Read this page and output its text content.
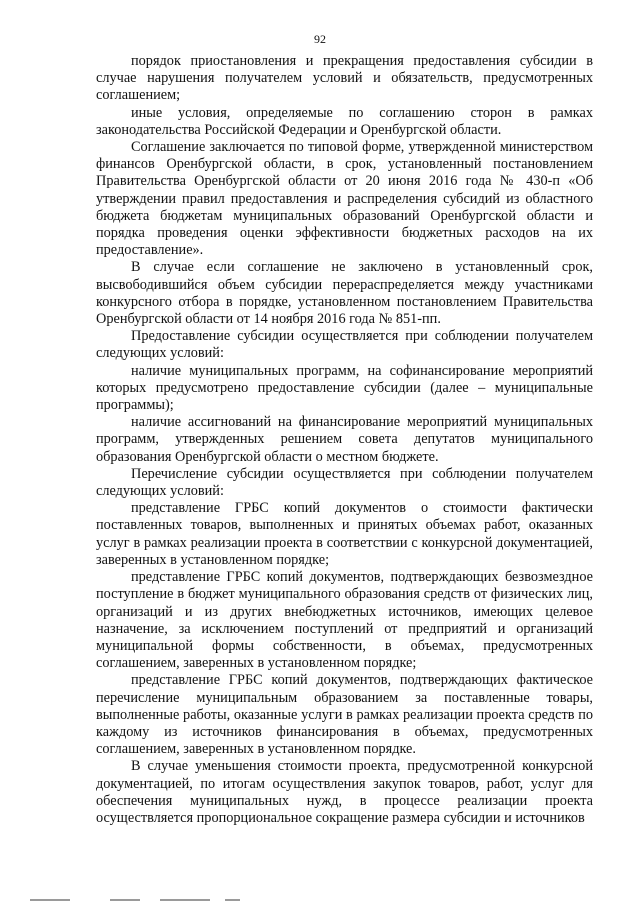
92

порядок приостановления и прекращения предоставления субсидии в случае нарушения получателем условий и обязательств, предусмотренных соглашением;

иные условия, определяемые по соглашению сторон в рамках законодательства Российской Федерации и Оренбургской области.

Соглашение заключается по типовой форме, утвержденной министерством финансов Оренбургской области, в срок, установленный постановлением Правительства Оренбургской области от 20 июня 2016 года № 430-п «Об утверждении правил предоставления и распределения субсидий из областного бюджета бюджетам муниципальных образований Оренбургской области и порядка проведения оценки эффективности бюджетных расходов на их предоставление».

В случае если соглашение не заключено в установленный срок, высвободившийся объем субсидии перераспределяется между участниками конкурсного отбора в порядке, установленном постановлением Правительства Оренбургской области от 14 ноября 2016 года № 851-пп.

Предоставление субсидии осуществляется при соблюдении получателем следующих условий:

наличие муниципальных программ, на софинансирование мероприятий которых предусмотрено предоставление субсидии (далее – муниципальные программы);

наличие ассигнований на финансирование мероприятий муниципальных программ, утвержденных решением совета депутатов муниципального образования Оренбургской области о местном бюджете.

Перечисление субсидии осуществляется при соблюдении получателем следующих условий:

представление ГРБС копий документов о стоимости фактически поставленных товаров, выполненных и принятых объемах работ, оказанных услуг в рамках реализации проекта в соответствии с конкурсной документацией, заверенных в установленном порядке;

представление ГРБС копий документов, подтверждающих безвозмездное поступление в бюджет муниципального образования средств от физических лиц, организаций и из других внебюджетных источников, имеющих целевое назначение, за исключением поступлений от предприятий и организаций муниципальной формы собственности, в объемах, предусмотренных соглашением, заверенных в установленном порядке;

представление ГРБС копий документов, подтверждающих фактическое перечисление муниципальным образованием за поставленные товары, выполненные работы, оказанные услуги в рамках реализации проекта средств по каждому из источников финансирования в объемах, предусмотренных соглашением, заверенных в установленном порядке.

В случае уменьшения стоимости проекта, предусмотренной конкурсной документацией, по итогам осуществления закупок товаров, работ, услуг для обеспечения муниципальных нужд, в процессе реализации проекта осуществляется пропорциональное сокращение размера субсидии и источников
